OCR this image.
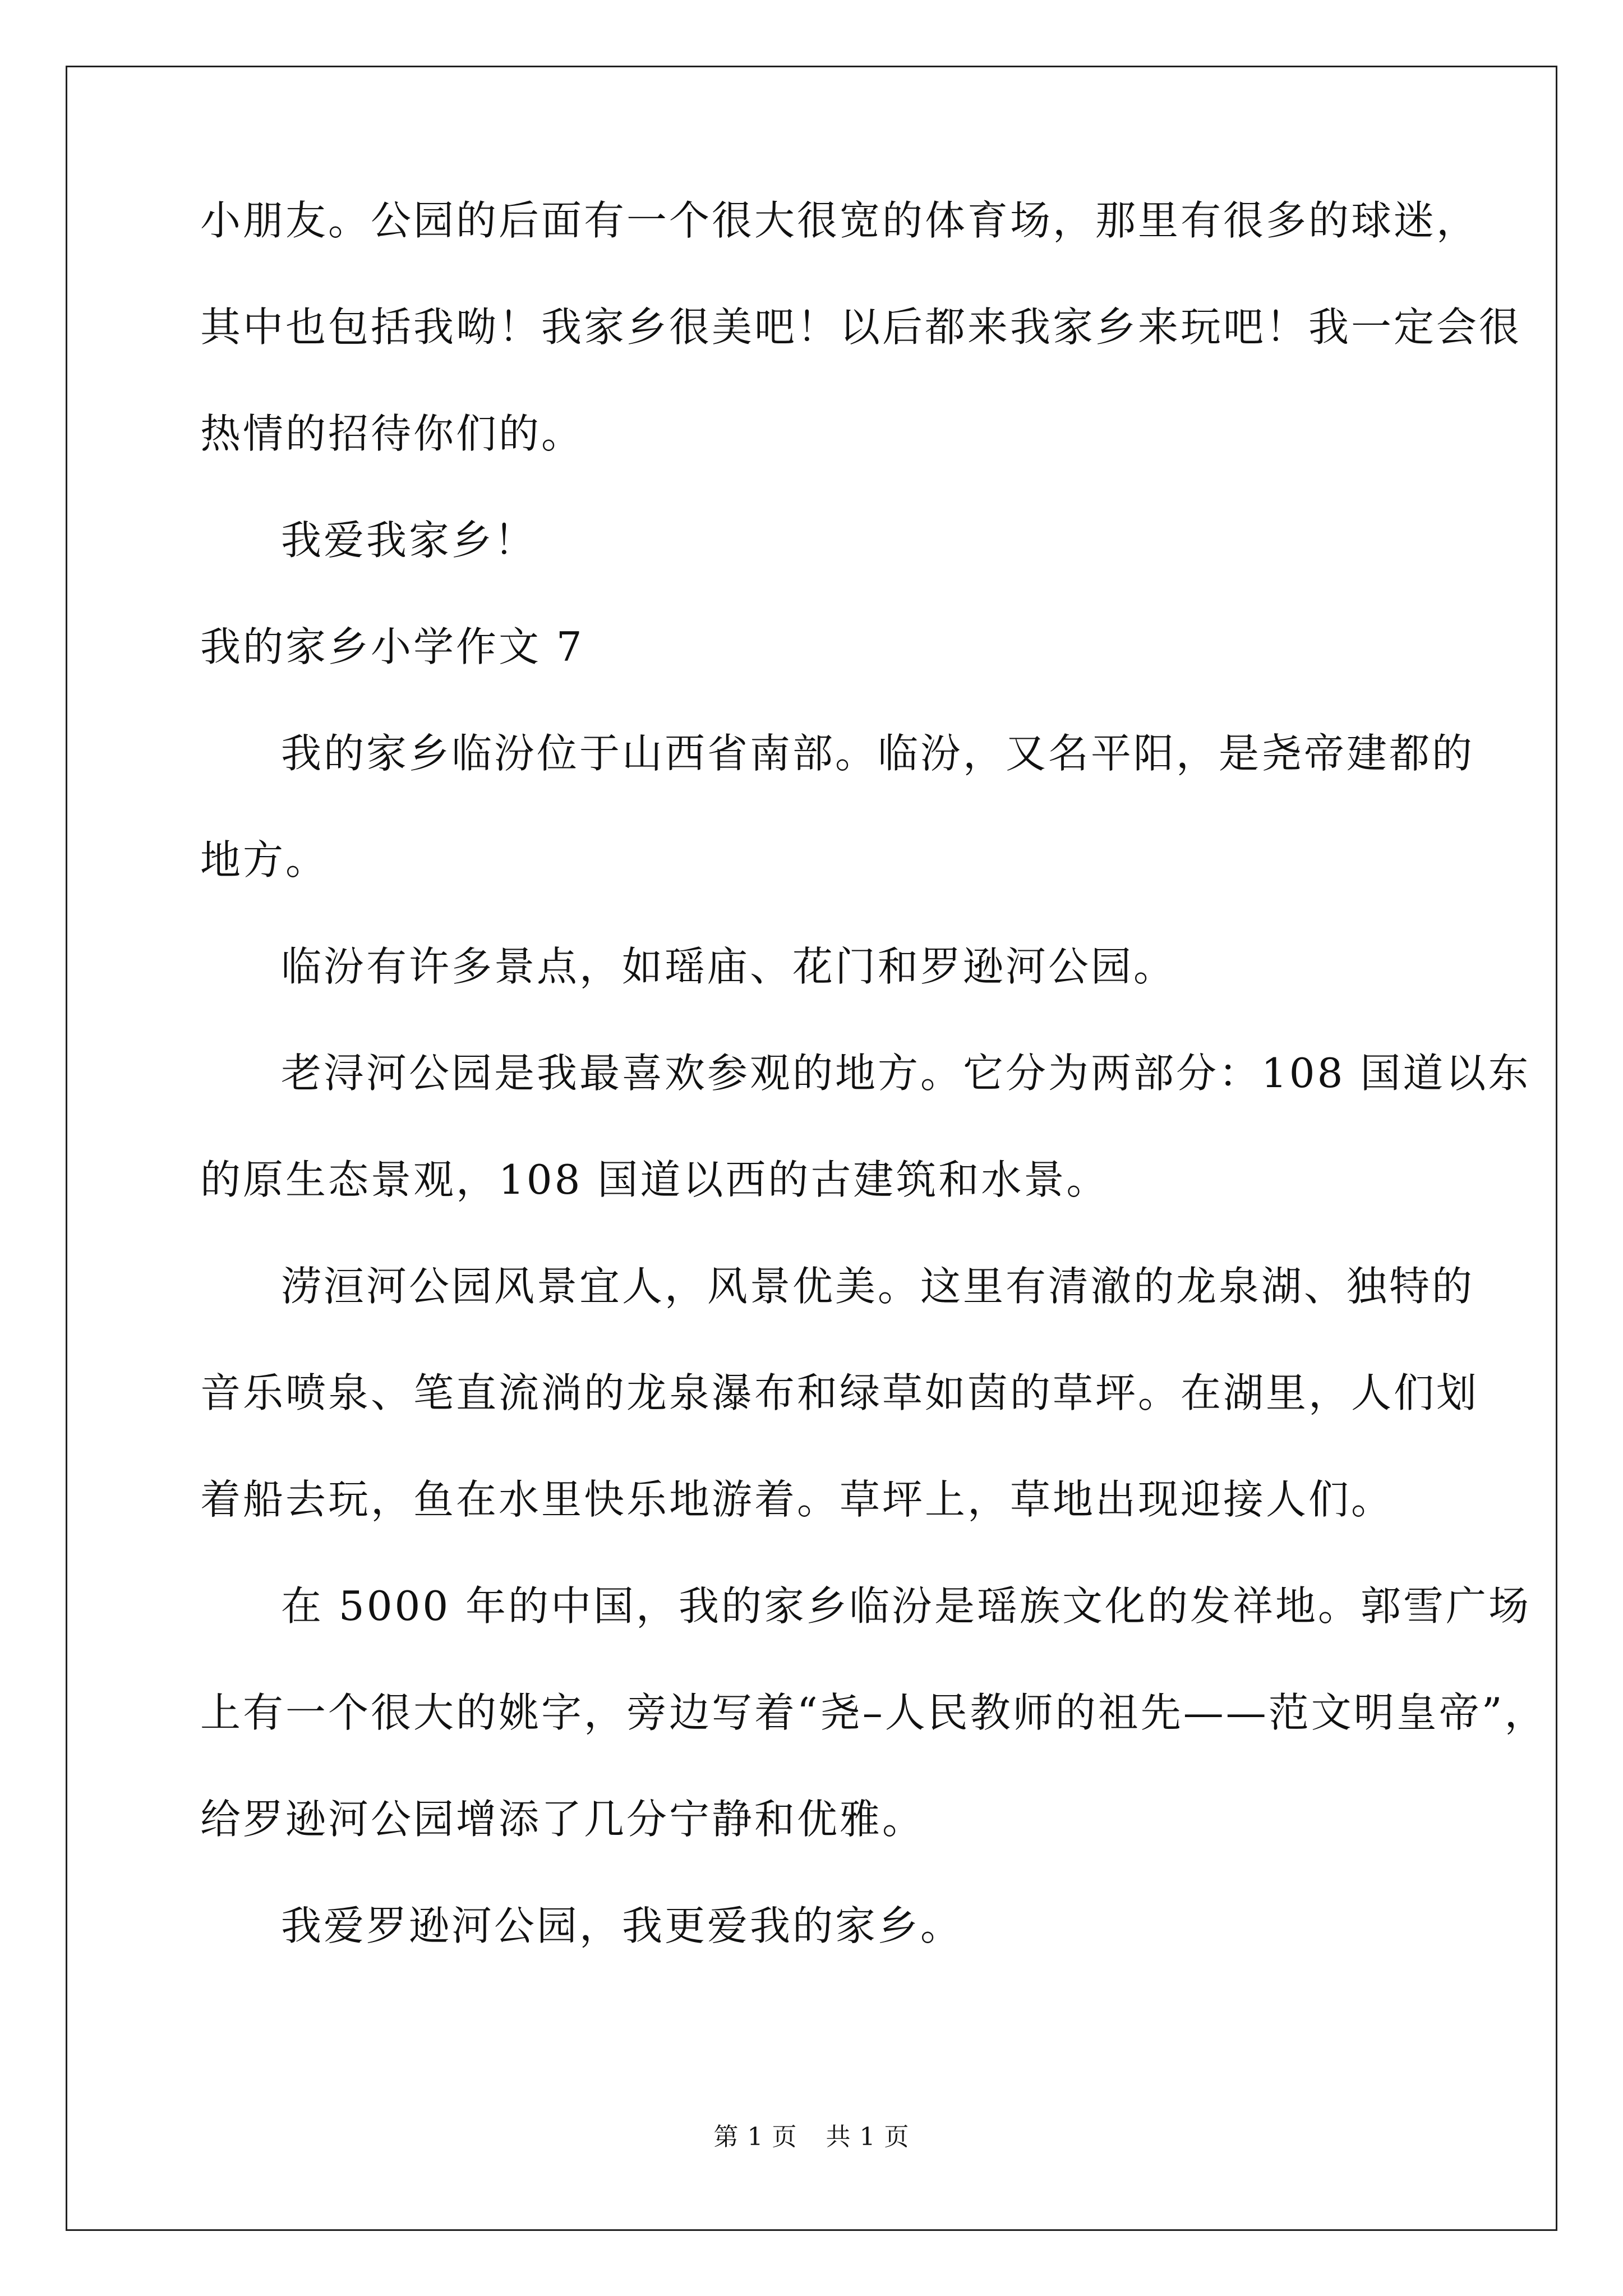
小朋友。公园的后面有一个很大很宽的体育场，那里有很多的球迷，
其中也包括我呦！我家乡很美吧！以后都来我家乡来玩吧！我一定会很
热情的招待你们的。
我爱我家乡！
我的家乡小学作文 7
我的家乡临汾位于山西省南部。临汾，又名平阳，是尧帝建都的
地方。
临汾有许多景点，如瑶庙、花门和罗逊河公园。
老浔河公园是我最喜欢参观的地方。它分为两部分：108 国道以东
的原生态景观，108 国道以西的古建筑和水景。
涝洹河公园风景宜人，风景优美。这里有清澈的龙泉湖、独特的
音乐喷泉、笔直流淌的龙泉瀑布和绿草如茵的草坪。在湖里，人们划
着船去玩，鱼在水里快乐地游着。草坪上，草地出现迎接人们。
在 5000 年的中国，我的家乡临汾是瑶族文化的发祥地。郭雪广场
上有一个很大的姚字，旁边写着“尧–人民教师的祖先——范文明皇帝”，
给罗逊河公园增添了几分宁静和优雅。
我爱罗逊河公园，我更爱我的家乡。
第 1 页 共 1 页
